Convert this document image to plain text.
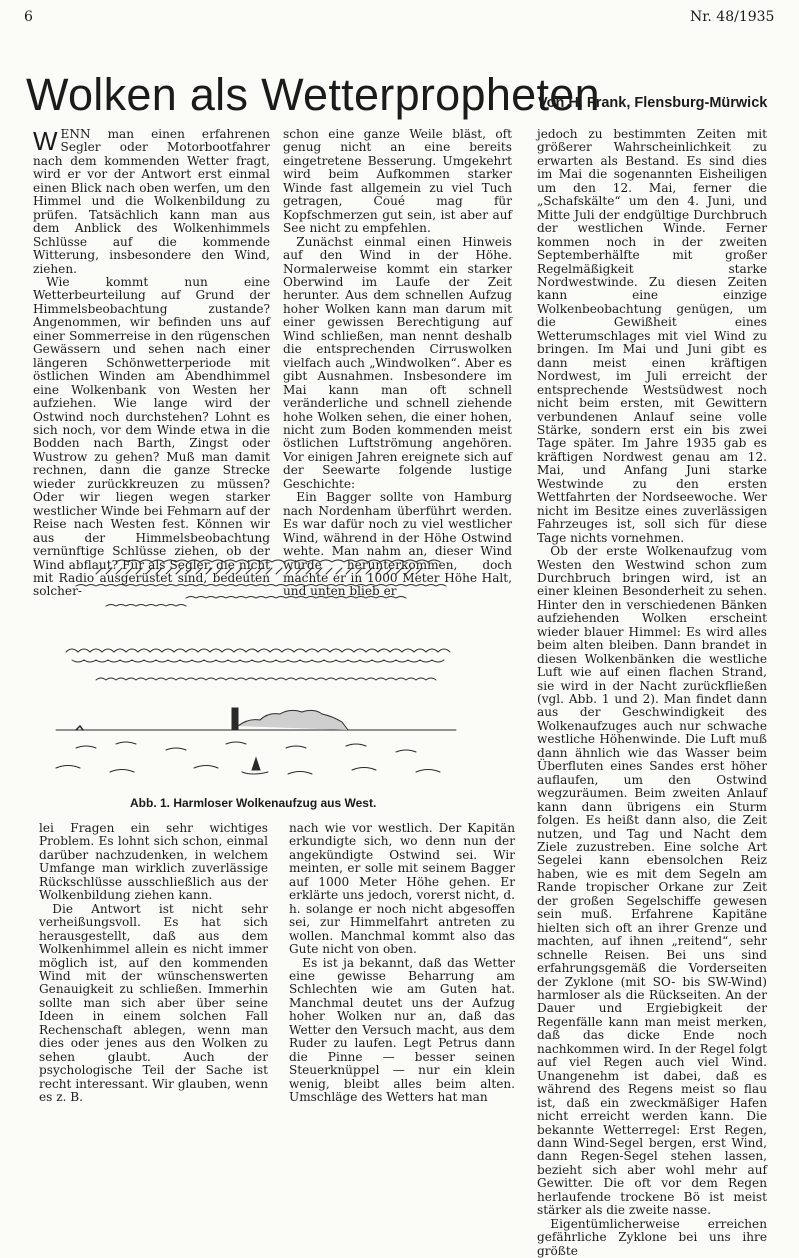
6	Nr. 48/1935
Wolken als Wetterpropheten
Von H. Frank, Flensburg-Mürwick

WENN man einen erfahrenen Segler oder Motorbootfahrer nach dem kommenden Wetter fragt, wird er vor der Antwort erst einmal einen Blick nach oben werfen, um den Himmel und die Wolkenbildung zu prüfen. Tatsächlich kann man aus dem Anblick des Wolkenhimmels Schlüsse auf die kommende Witterung, insbesondere den Wind, ziehen.

Wie kommt nun eine Wetterbeurteilung auf Grund der Himmelsbeobachtung zustande? Angenommen, wir befinden uns auf einer Sommerreise in den rügenschen Gewässern und sehen nach einer längeren Schönwetterperiode mit östlichen Winden am Abendhimmel eine Wolkenbank von Westen her aufziehen. Wie lange wird der Ostwind noch durchstehen? Lohnt es sich noch, vor dem Winde etwa in die Bodden nach Barth, Zingst oder Wustrow zu gehen? Muß man damit rechnen, dann die ganze Strecke wieder zurückkreuzen zu müssen? Oder wir liegen wegen starker westlicher Winde bei Fehmarn auf der Reise nach Westen fest. Können wir aus der Himmelsbeobachtung vernünftige Schlüsse ziehen, ob der Wind abflaut? Für als Segler, die nicht mit Radio ausgerüstet sind, bedeuten solcher-

schon eine ganze Weile bläst, oft genug nicht an eine bereits eingetretene Besserung. Umgekehrt wird beim Aufkommen starker Winde fast allgemein zu viel Tuch getragen, Coué mag für Kopfschmerzen gut sein, ist aber auf See nicht zu empfehlen.

Zunächst einmal einen Hinweis auf den Wind in der Höhe. Normalerweise kommt ein starker Oberwind im Laufe der Zeit herunter. Aus dem schnellen Aufzug hoher Wolken kann man darum mit einer gewissen Berechtigung auf Wind schließen, man nennt deshalb die entsprechenden Cirruswolken vielfach auch „Windwolken“. Aber es gibt Ausnahmen. Insbesondere im Mai kann man oft schnell veränderliche und schnell ziehende hohe Wolken sehen, die einer hohen, nicht zum Boden kommenden meist östlichen Luftströmung angehören. Vor einigen Jahren ereignete sich auf der Seewarte folgende lustige Geschichte:

Ein Bagger sollte von Hamburg nach Nordenham überführt werden. Es war dafür noch zu viel westlicher Wind, während in der Höhe Ostwind wehte. Man nahm an, dieser Wind würde herunterkommen, doch machte er in 1000 Meter Höhe Halt, und unten blieb er

jedoch zu bestimmten Zeiten mit größerer Wahrscheinlichkeit zu erwarten als Bestand. Es sind dies im Mai die sogenannten Eisheiligen um den 12. Mai, ferner die „Schafskälte“ um den 4. Juni, und Mitte Juli der endgültige Durchbruch der westlichen Winde. Ferner kommen noch in der zweiten Septemberhälfte mit großer Regelmäßigkeit starke Nordwestwinde. Zu diesen Zeiten kann eine einzige Wolkenbeobachtung genügen, um die Gewißheit eines Wetterumschlages mit viel Wind zu bringen. Im Mai und Juni gibt es dann meist einen kräftigen Nordwest, im Juli erreicht der entsprechende Westsüdwest noch nicht beim ersten, mit Gewittern verbundenen Anlauf seine volle Stärke, sondern erst ein bis zwei Tage später. Im Jahre 1935 gab es kräftigen Nordwest genau am 12. Mai, und Anfang Juni starke Westwinde zu den ersten Wettfahrten der Nordseewoche. Wer nicht im Besitze eines zuverlässigen Fahrzeuges ist, soll sich für diese Tage nichts vornehmen.

Ob der erste Wolkenaufzug vom Westen den Westwind schon zum Durchbruch bringen wird, ist an einer kleinen Besonderheit zu sehen. Hinter den in verschiedenen Bänken aufziehenden Wolken erscheint wieder blauer Himmel: Es wird alles beim alten bleiben. Dann brandet in diesen Wolkenbänken die westliche Luft wie auf einen flachen Strand, sie wird in der Nacht zurückfließen (vgl. Abb. 1 und 2). Man findet dann aus der Geschwindigkeit des Wolkenaufzuges auch nur schwache westliche Höhenwinde. Die Luft muß dann ähnlich wie das Wasser beim Überfluten eines Sandes erst höher auflaufen, um den Ostwind wegzuräumen. Beim zweiten Anlauf kann dann übrigens ein Sturm folgen. Es heißt dann also, die Zeit nutzen, und Tag und Nacht dem Ziele zuzustreben. Eine solche Art Segelei kann ebensolchen Reiz haben, wie es mit dem Segeln am Rande tropischer Orkane zur Zeit der großen Segelschiffe gewesen sein muß. Erfahrene Kapitäne hielten sich oft an ihrer Grenze und machten, auf ihnen „reitend“, sehr schnelle Reisen. Bei uns sind erfahrungsgemäß die Vorderseiten der Zyklone (mit SO- bis SW-Wind) harmloser als die Rückseiten. An der Dauer und Ergiebigkeit der Regenfälle kann man meist merken, daß das dicke Ende noch nachkommen wird. In der Regel folgt auf viel Regen auch viel Wind. Unangenehm ist dabei, daß es während des Regens meist so flau ist, daß ein zweckmäßiger Hafen nicht erreicht werden kann. Die bekannte Wetterregel: Erst Regen, dann Wind-Segel bergen, erst Wind, dann Regen-Segel stehen lassen, bezieht sich aber wohl mehr auf Gewitter. Die oft vor dem Regen herlaufende trockene Bö ist meist stärker als die zweite nasse.

Eigentümlicherweise erreichen gefährliche Zyklone bei uns ihre größte

Abb. 1. Harmloser Wolkenaufzug aus West.

lei Fragen ein sehr wichtiges Problem. Es lohnt sich schon, einmal darüber nachzudenken, in welchem Umfange man wirklich zuverlässige Rückschlüsse ausschließlich aus der Wolkenbildung ziehen kann.

Die Antwort ist nicht sehr verheißungsvoll. Es hat sich herausgestellt, daß aus dem Wolkenhimmel allein es nicht immer möglich ist, auf den kommenden Wind mit der wünschenswerten Genauigkeit zu schließen. Immerhin sollte man sich aber über seine Ideen in einem solchen Fall Rechenschaft ablegen, wenn man dies oder jenes aus den Wolken zu sehen glaubt. Auch der psychologische Teil der Sache ist recht interessant. Wir glauben, wenn es z. B.

nach wie vor westlich. Der Kapitän erkundigte sich, wo denn nun der angekündigte Ostwind sei. Wir meinten, er solle mit seinem Bagger auf 1000 Meter Höhe gehen. Er erklärte uns jedoch, vorerst nicht, d. h. solange er noch nicht abgesoffen sei, zur Himmelfahrt antreten zu wollen. Manchmal kommt also das Gute nicht von oben.

Es ist ja bekannt, daß das Wetter eine gewisse Beharrung am Schlechten wie am Guten hat. Manchmal deutet uns der Aufzug hoher Wolken nur an, daß das Wetter den Versuch macht, aus dem Ruder zu laufen. Legt Petrus dann die Pinne — besser seinen Steuerknüppel — nur ein klein wenig, bleibt alles beim alten. Umschläge des Wetters hat man
